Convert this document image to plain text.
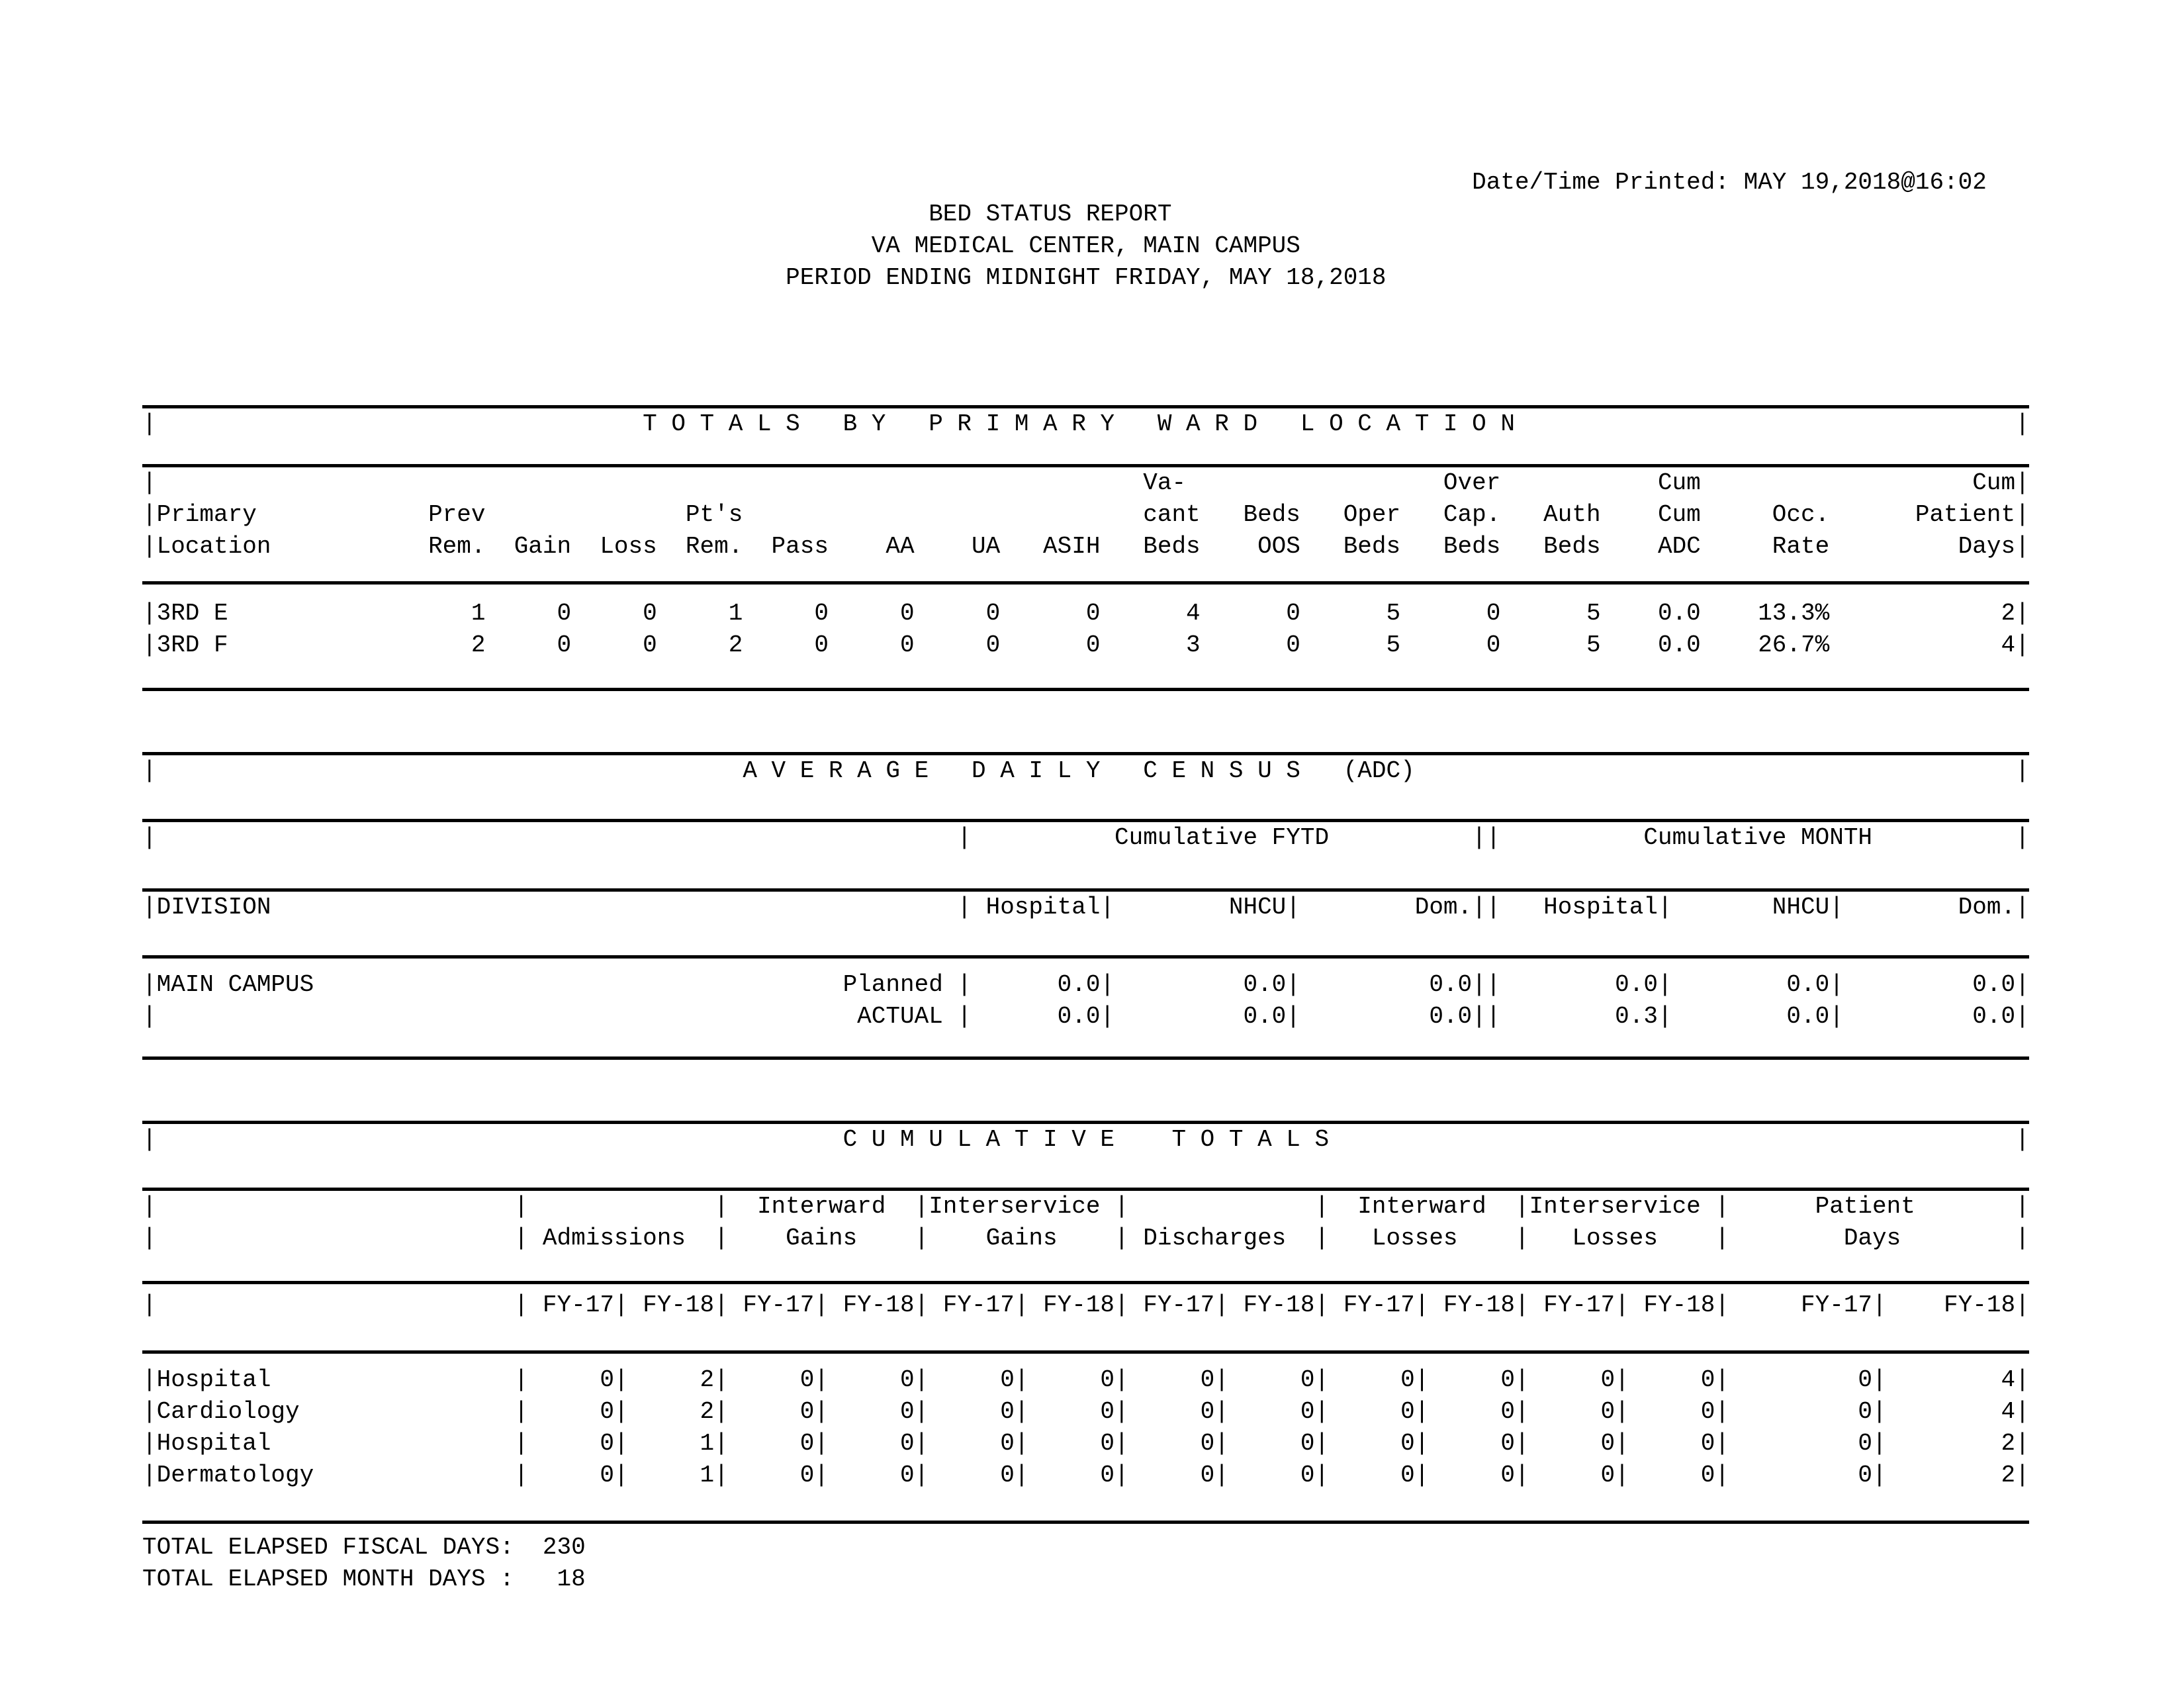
Date/Time Printed: MAY 19,2018@16:02
BED STATUS REPORT
VA MEDICAL CENTER, MAIN CAMPUS
PERIOD ENDING MIDNIGHT FRIDAY, MAY 18,2018
|                                  T O T A L S   B Y   P R I M A R Y   W A R D   L O C A T I O N                                   |
|                                                                     Va-                  Over           Cum                   Cum|
|Primary            Prev              Pt's                            cant   Beds   Oper   Cap.   Auth    Cum     Occ.      Patient|
|Location           Rem.  Gain  Loss  Rem.  Pass    AA    UA   ASIH   Beds    OOS   Beds   Beds   Beds    ADC     Rate         Days|
|3RD E                 1     0     0     1     0     0     0      0      4      0      5      0      5    0.0    13.3%            2|
|3RD F                 2     0     0     2     0     0     0      0      3      0      5      0      5    0.0    26.7%            4|
|                                         A V E R A G E   D A I L Y   C E N S U S   (ADC)                                          |
|                                                        |          Cumulative FYTD          ||          Cumulative MONTH          |
|DIVISION                                                | Hospital|        NHCU|        Dom.||   Hospital|       NHCU|        Dom.|
|MAIN CAMPUS                                     Planned |      0.0|         0.0|         0.0||        0.0|        0.0|         0.0|
|                                                 ACTUAL |      0.0|         0.0|         0.0||        0.3|        0.0|         0.0|
|                                                C U M U L A T I V E    T O T A L S                                                |
|                         |             |  Interward  |Interservice |             |  Interward  |Interservice |      Patient       |
|                         | Admissions  |    Gains    |    Gains    | Discharges  |   Losses    |   Losses    |        Days        |
|                         | FY-17| FY-18| FY-17| FY-18| FY-17| FY-18| FY-17| FY-18| FY-17| FY-18| FY-17| FY-18|     FY-17|    FY-18|
|Hospital                 |     0|     2|     0|     0|     0|     0|     0|     0|     0|     0|     0|     0|         0|        4|
|Cardiology               |     0|     2|     0|     0|     0|     0|     0|     0|     0|     0|     0|     0|         0|        4|
|Hospital                 |     0|     1|     0|     0|     0|     0|     0|     0|     0|     0|     0|     0|         0|        2|
|Dermatology              |     0|     1|     0|     0|     0|     0|     0|     0|     0|     0|     0|     0|         0|        2|
TOTAL ELAPSED FISCAL DAYS:  230
TOTAL ELAPSED MONTH DAYS :   18
